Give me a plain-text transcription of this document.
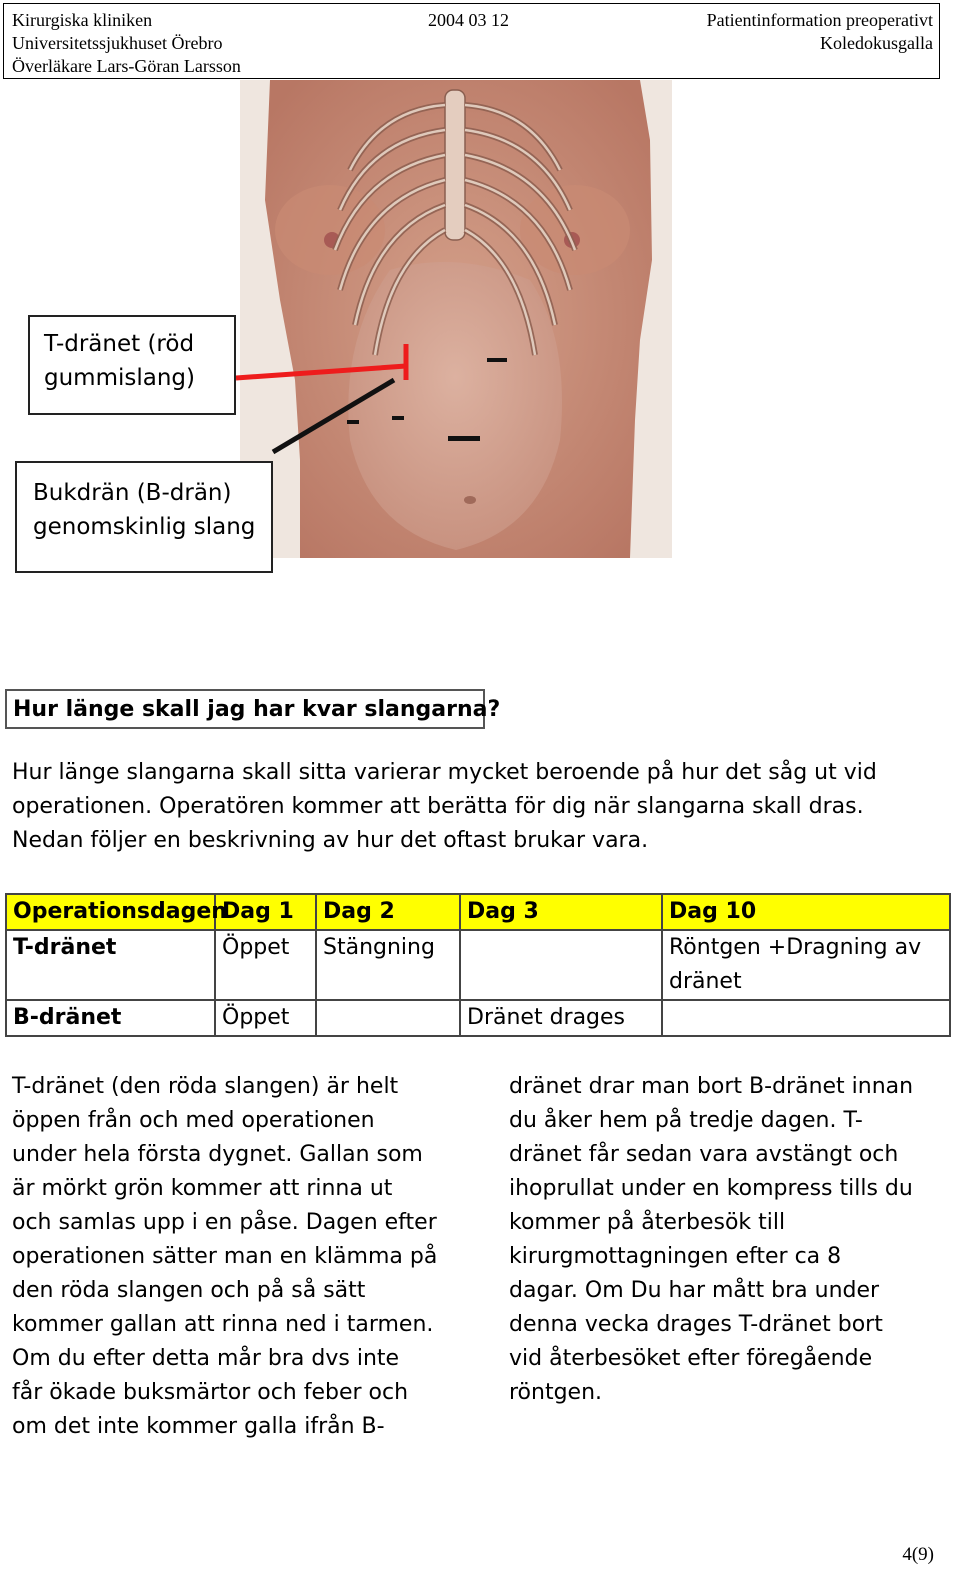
Kirurgiska kliniken	2004 03 12	Patientinformation preoperativt
Universitetssjukhuset Örebro	Koledokusgalla
Överläkare Lars-Göran Larsson
T-dränet (röd
gummislang)
Bukdrän (B-drän)
genomskinlig slang
Hur länge skall jag har kvar slangarna?
Hur länge slangarna skall sitta varierar mycket beroende på hur det såg ut vid
operationen. Operatören kommer att berätta för dig när slangarna skall dras.
Nedan följer en beskrivning av hur det oftast brukar vara.
Operationsdagen	Dag 1	Dag 2	Dag 3	Dag 10
T-dränet	Öppet	Stängning		Röntgen +Dragning av dränet
B-dränet	Öppet		Dränet drages	
T-dränet (den röda slangen) är helt
öppen från och med operationen
under hela första dygnet. Gallan som
är mörkt grön kommer att rinna ut
och samlas upp i en påse. Dagen efter
operationen sätter man en klämma på
den röda slangen och på så sätt
kommer gallan att rinna ned i tarmen.
Om du efter detta mår bra dvs inte
får ökade buksmärtor och feber och
om det inte kommer galla ifrån B-
dränet drar man bort B-dränet innan
du åker hem på tredje dagen. T-
dränet får sedan vara avstängt och
ihoprullat under en kompress tills du
kommer på återbesök till
kirurgmottagningen efter ca 8
dagar. Om Du har mått bra under
denna vecka drages T-dränet bort
vid återbesöket efter föregående
röntgen.
4(9)
